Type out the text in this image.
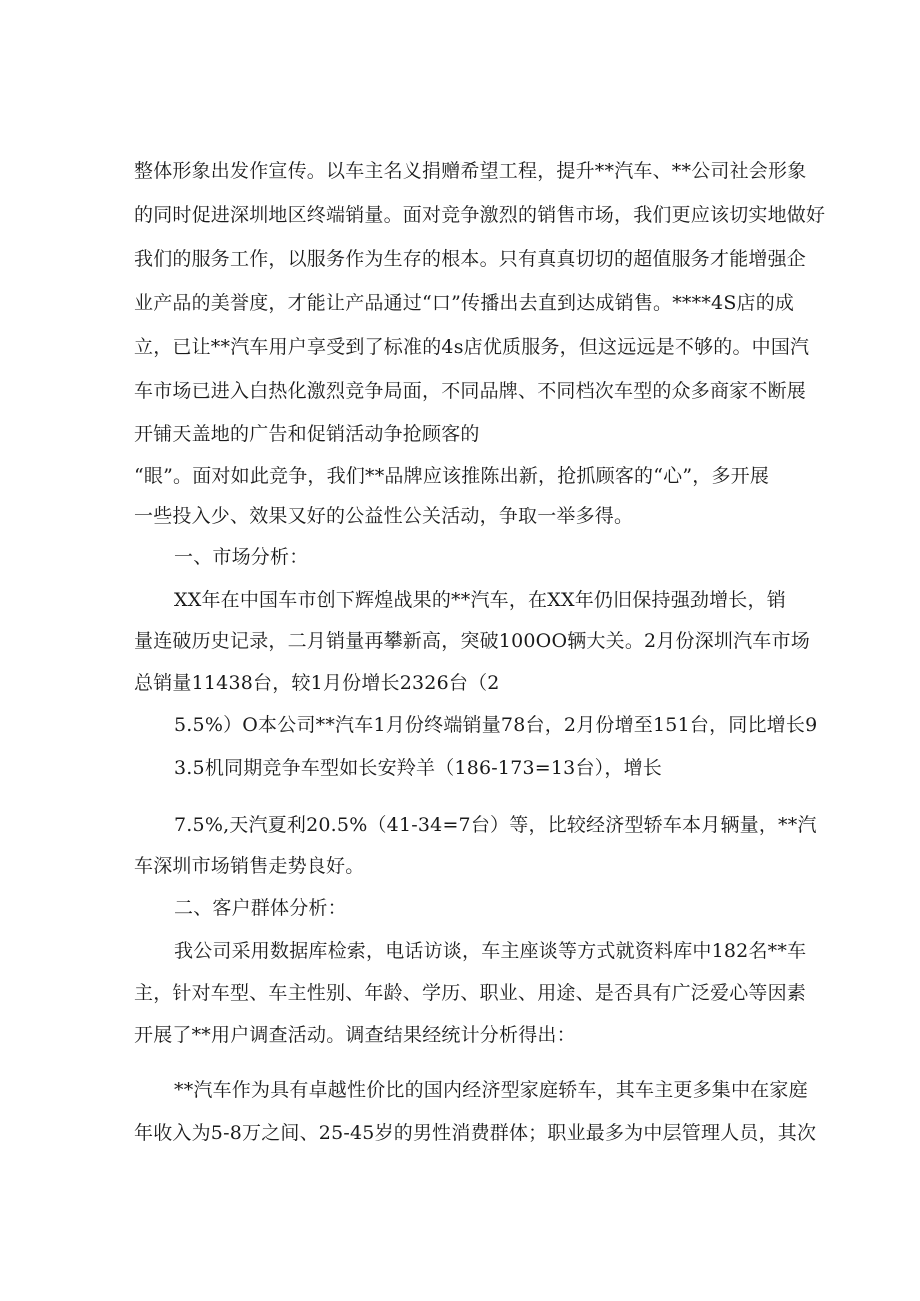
整体形象出发作宣传。以车主名义捐赠希望工程，提升**汽车、**公司社会形象
的同时促进深圳地区终端销量。面对竞争激烈的销售市场，我们更应该切实地做好
我们的服务工作，以服务作为生存的根本。只有真真切切的超值服务才能增强企
业产品的美誉度，才能让产品通过“口”传播出去直到达成销售。****4S店的成
立，已让**汽车用户享受到了标准的4s店优质服务，但这远远是不够的。中国汽
车市场已进入白热化激烈竞争局面，不同品牌、不同档次车型的众多商家不断展
开铺天盖地的广告和促销活动争抢顾客的
“眼”。面对如此竞争，我们**品牌应该推陈出新，抢抓顾客的“心”，多开展
一些投入少、效果又好的公益性公关活动，争取一举多得。
一、市场分析：
XX年在中国车市创下辉煌战果的**汽车，在XX年仍旧保持强劲增长，销
量连破历史记录，二月销量再攀新高，突破100OO辆大关。2月份深圳汽车市场
总销量11438台，较1月份增长2326台（2
5.5%）O本公司**汽车1月份终端销量78台，2月份增至151台，同比增长9
3.5机同期竞争车型如长安羚羊（186-173=13台），增长
7.5%,天汽夏利20.5%（41-34=7台）等，比较经济型轿车本月辆量，**汽
车深圳市场销售走势良好。
二、客户群体分析：
我公司采用数据库检索，电话访谈，车主座谈等方式就资料库中182名**车
主，针对车型、车主性别、年龄、学历、职业、用途、是否具有广泛爱心等因素
开展了**用户调查活动。调查结果经统计分析得出：
**汽车作为具有卓越性价比的国内经济型家庭轿车，其车主更多集中在家庭
年收入为5-8万之间、25-45岁的男性消费群体；职业最多为中层管理人员，其次
